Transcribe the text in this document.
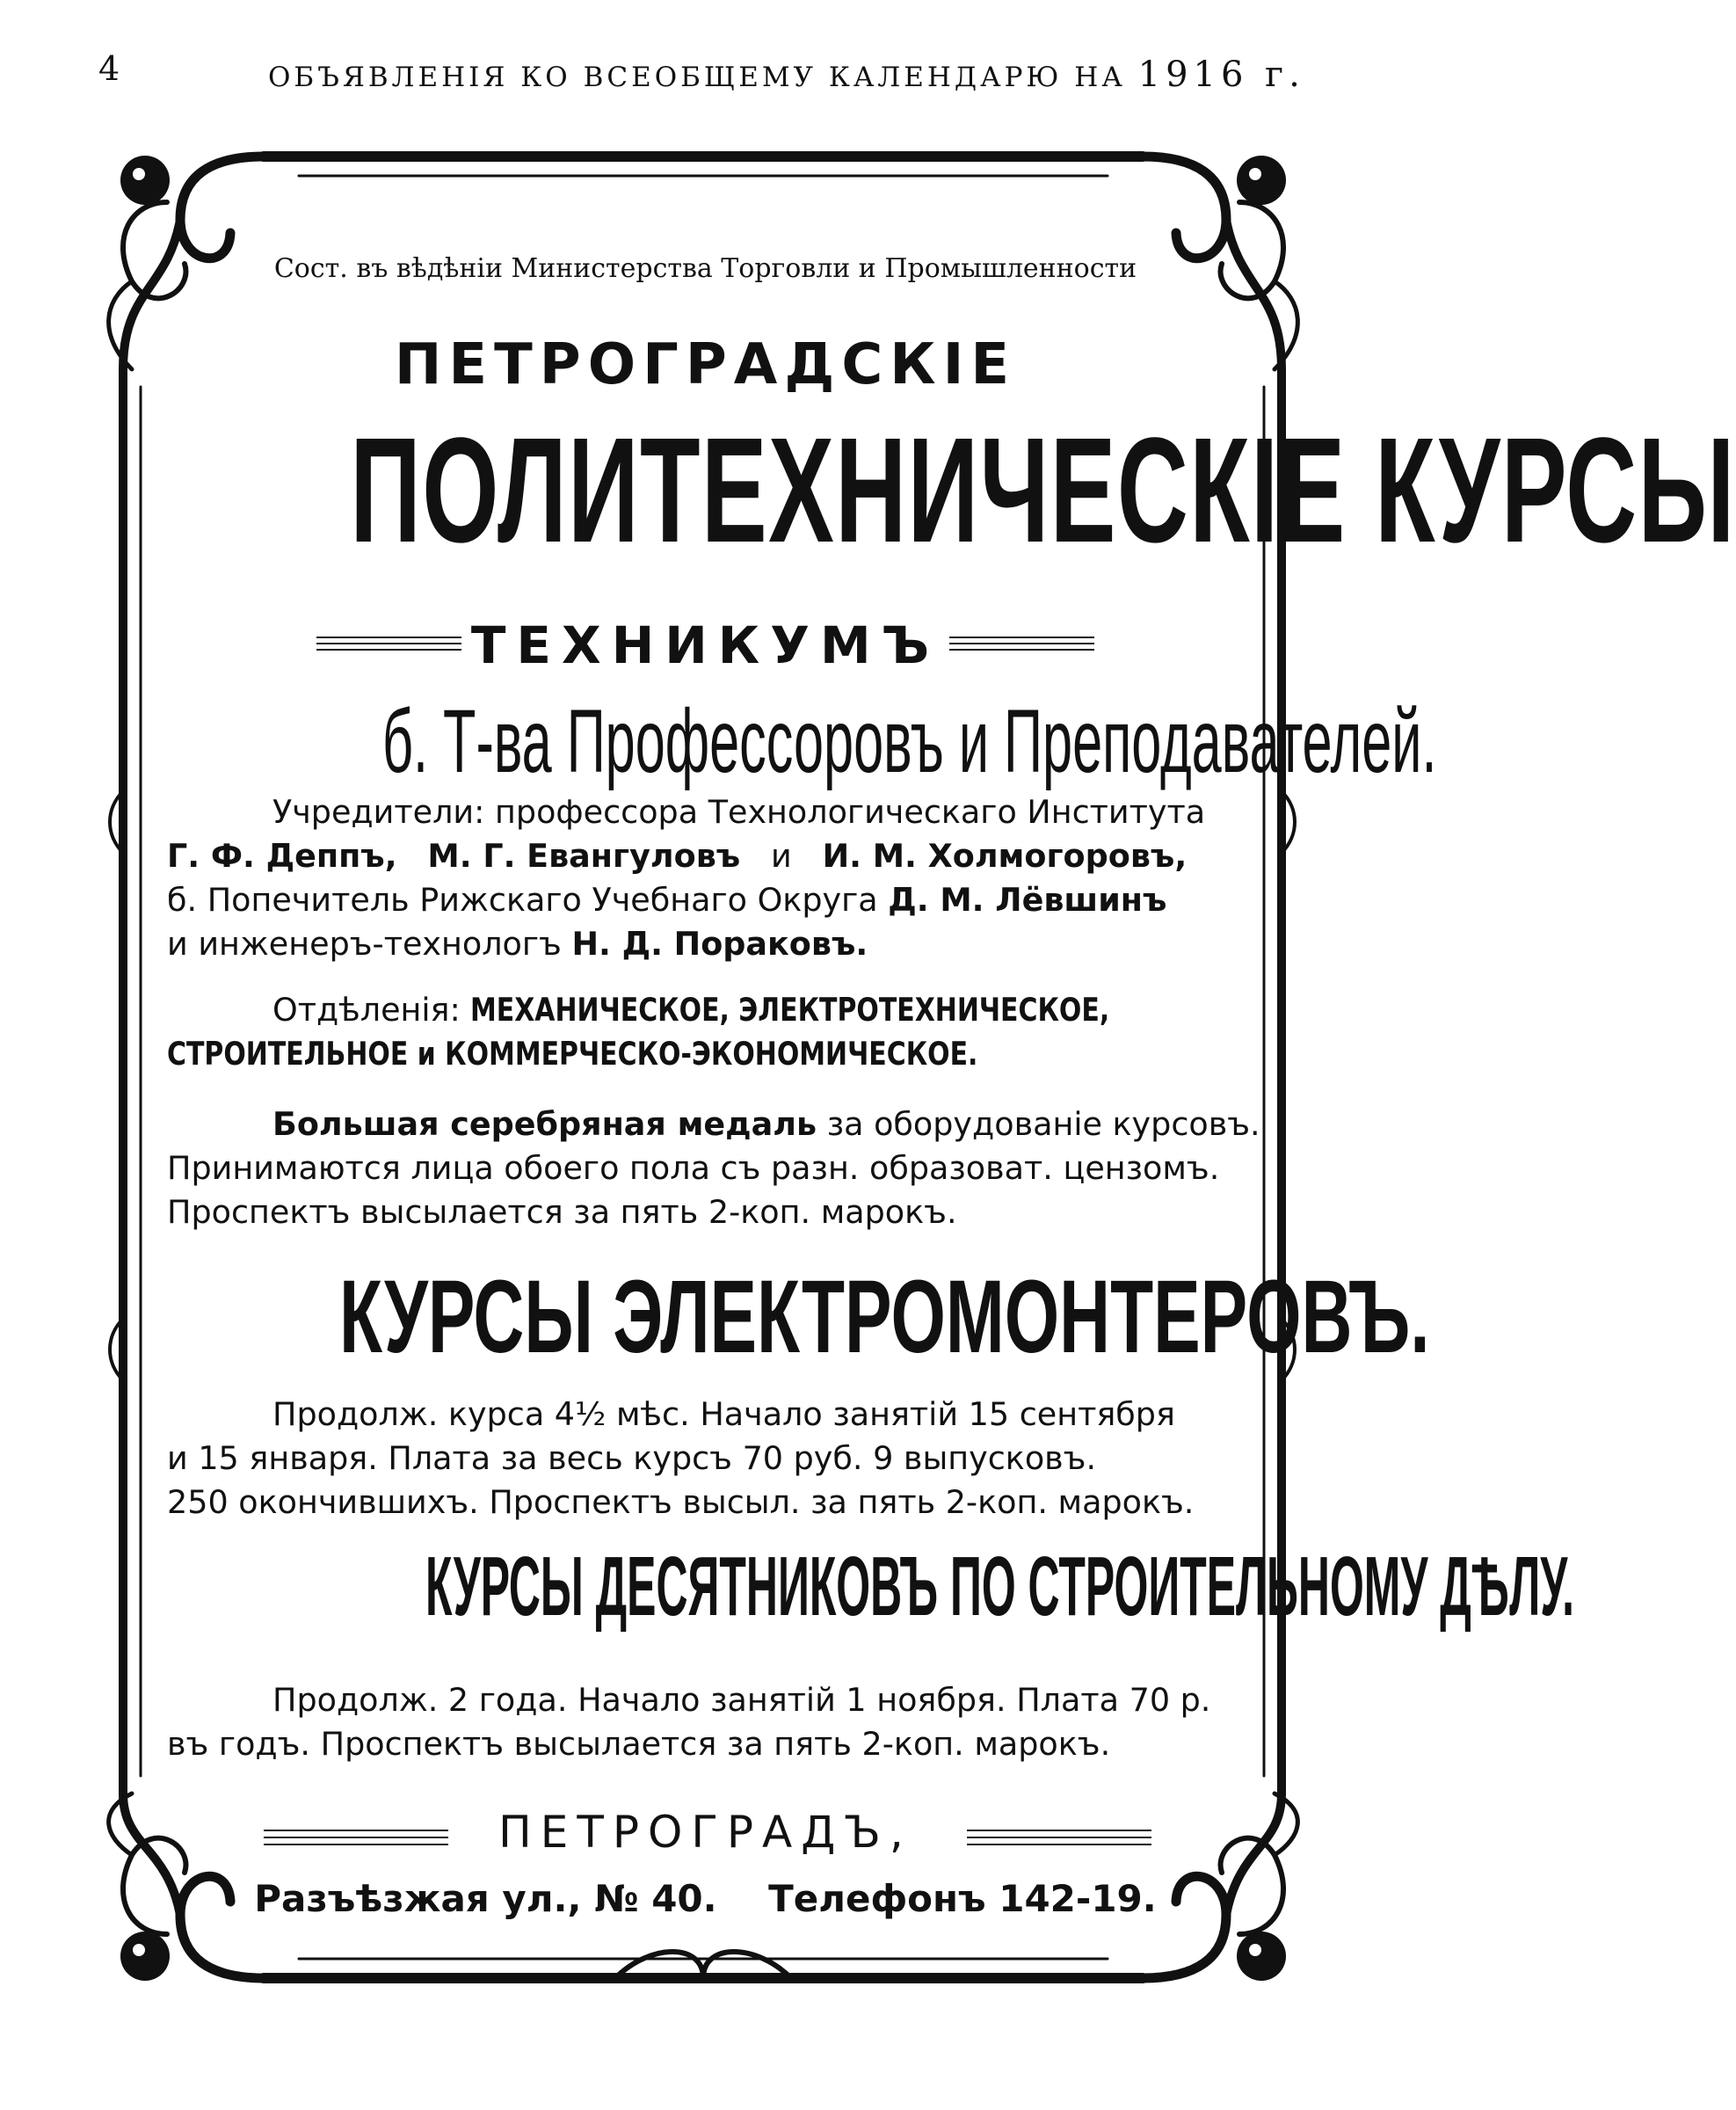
4	ОБЪЯВЛЕНІЯ КО ВСЕОБЩЕМУ КАЛЕНДАРЮ НА 1916 г.
Сост. въ вѣдѣніи Министерства Торговли и Промышленности
ПЕТРОГРАДСКІЕ
ПОЛИТЕХНИЧЕСКІЕ КУРСЫ
ТЕХНИКУМЪ
б. Т-ва Профессоровъ и Преподавателей.
Учредители: профессора Технологическаго Института
Г. Ф. Деппъ, М. Г. Евангуловъ и И. М. Холмогоровъ,
б. Попечитель Рижскаго Учебнаго Округа Д. М. Лёвшинъ
и инженеръ-технологъ Н. Д. Пораковъ.
Отдѣленія: МЕХАНИЧЕСКОЕ, ЭЛЕКТРОТЕХНИЧЕСКОЕ,
СТРОИТЕЛЬНОЕ и КОММЕРЧЕСКО-ЭКОНОМИЧЕСКОЕ.
Большая серебряная медаль за оборудованіе курсовъ.
Принимаются лица обоего пола съ разн. образоват. цензомъ.
Проспектъ высылается за пять 2-коп. марокъ.
КУРСЫ ЭЛЕКТРОМОНТЕРОВЪ.
Продолж. курса 4½ мѣс. Начало занятій 15 сентября
и 15 января. Плата за весь курсъ 70 руб. 9 выпусковъ.
250 окончившихъ. Проспектъ высыл. за пять 2-коп. марокъ.
КУРСЫ ДЕСЯТНИКОВЪ ПО СТРОИТЕЛЬНОМУ ДѢЛУ.
Продолж. 2 года. Начало занятій 1 ноября. Плата 70 р.
въ годъ. Проспектъ высылается за пять 2-коп. марокъ.
ПЕТРОГРАДЪ,
Разъѣзжая ул., № 40. Телефонъ 142-19.
